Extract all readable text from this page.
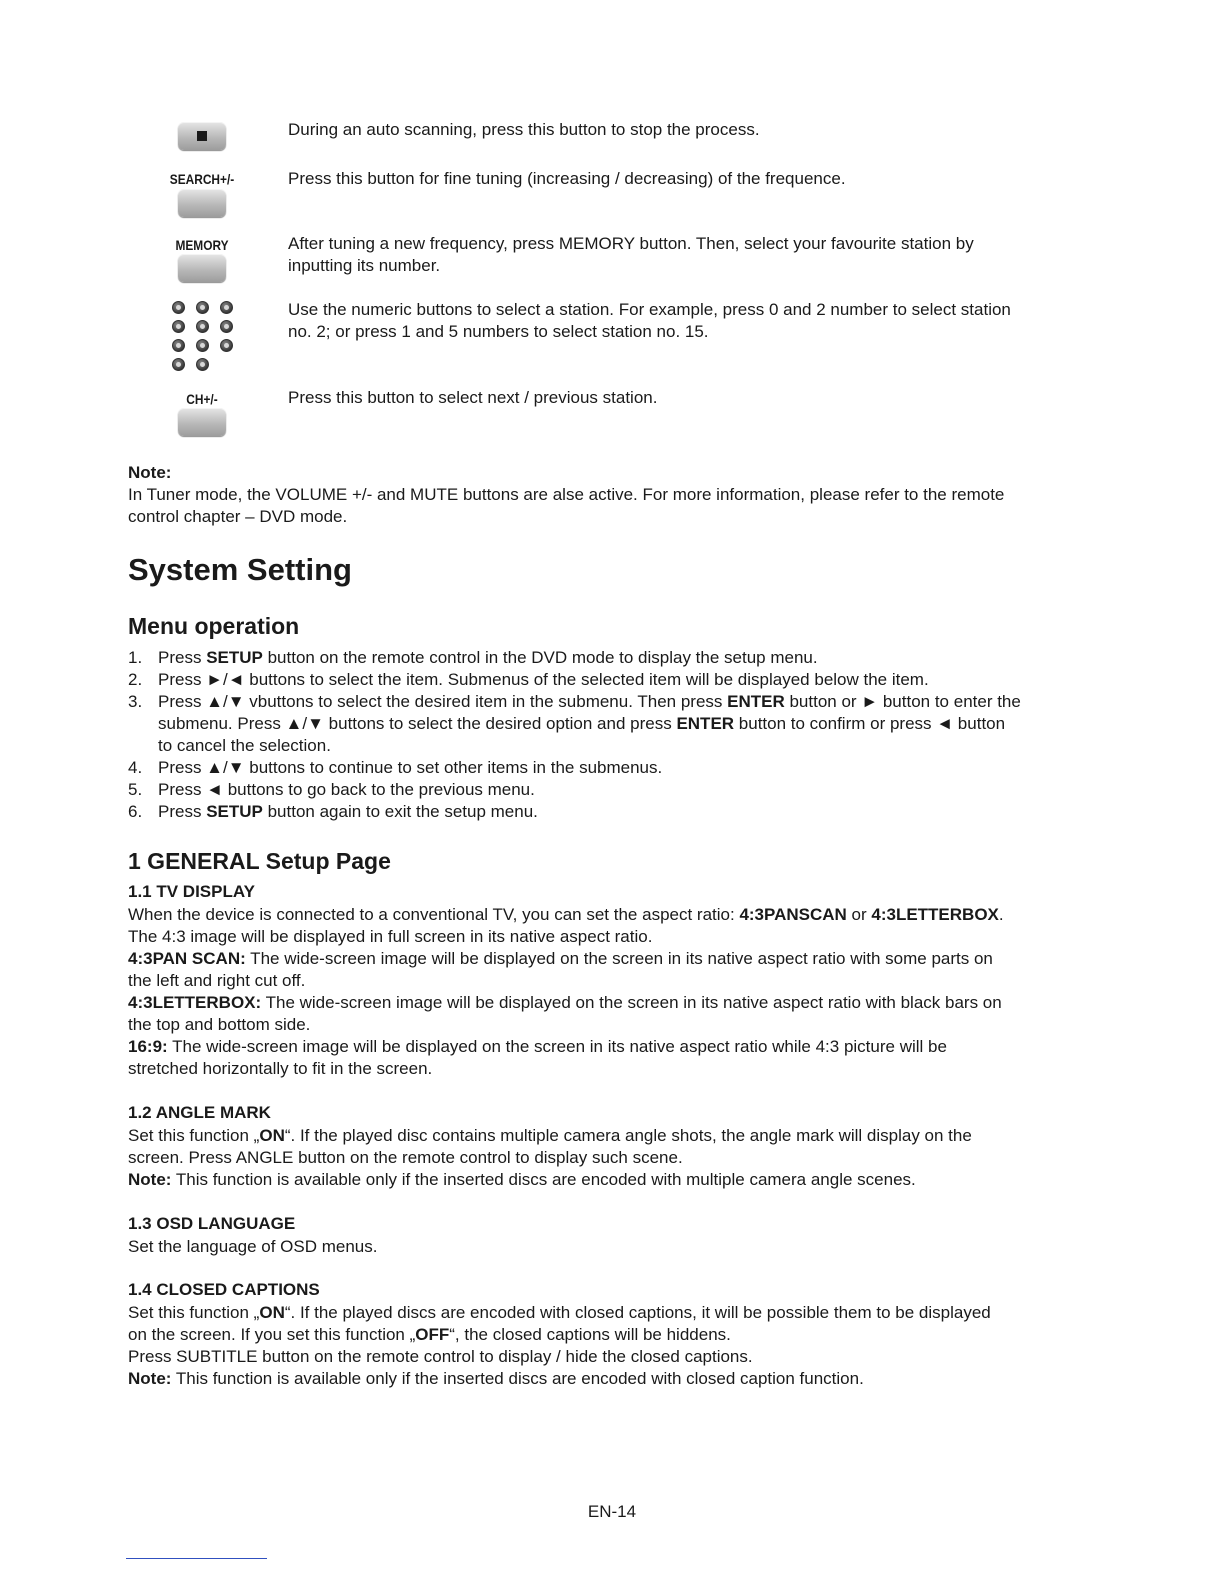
During an auto scanning, press this button to stop the process.
SEARCH+/-	Press this button for fine tuning (increasing / decreasing) of the frequence.
MEMORY	After tuning a new frequency, press MEMORY button. Then, select your favourite station by
inputting its number.
Use the numeric buttons to select a station. For example, press 0 and 2 number to select station
no. 2; or press 1 and 5 numbers to select station no. 15.
CH+/-	Press this button to select next / previous station.
Note:
In Tuner mode, the VOLUME +/- and MUTE buttons are alse active. For more information, please refer to the remote
control chapter – DVD mode.
System Setting
Menu operation
1. Press SETUP button on the remote control in the DVD mode to display the setup menu.
2. Press ►/◄ buttons to select the item. Submenus of the selected item will be displayed below the item.
3. Press ▲/▼ vbuttons to select the desired item in the submenu. Then press ENTER button or ► button to enter the
submenu. Press ▲/▼ buttons to select the desired option and press ENTER button to confirm or press ◄ button
to cancel the selection.
4. Press ▲/▼ buttons to continue to set other items in the submenus.
5. Press ◄ buttons to go back to the previous menu.
6. Press SETUP button again to exit the setup menu.
1 GENERAL Setup Page
1.1 TV DISPLAY
When the device is connected to a conventional TV, you can set the aspect ratio: 4:3PANSCAN or 4:3LETTERBOX.
The 4:3 image will be displayed in full screen in its native aspect ratio.
4:3PAN SCAN: The wide-screen image will be displayed on the screen in its native aspect ratio with some parts on
the left and right cut off.
4:3LETTERBOX: The wide-screen image will be displayed on the screen in its native aspect ratio with black bars on
the top and bottom side.
16:9: The wide-screen image will be displayed on the screen in its native aspect ratio while 4:3 picture will be
stretched horizontally to fit in the screen.
1.2 ANGLE MARK
Set this function „ON“. If the played disc contains multiple camera angle shots, the angle mark will display on the
screen. Press ANGLE button on the remote control to display such scene.
Note: This function is available only if the inserted discs are encoded with multiple camera angle scenes.
1.3 OSD LANGUAGE
Set the language of OSD menus.
1.4 CLOSED CAPTIONS
Set this function „ON“. If the played discs are encoded with closed captions, it will be possible them to be displayed
on the screen. If you set this function „OFF“, the closed captions will be hiddens.
Press SUBTITLE button on the remote control to display / hide the closed captions.
Note: This function is available only if the inserted discs are encoded with closed caption function.
EN-14
